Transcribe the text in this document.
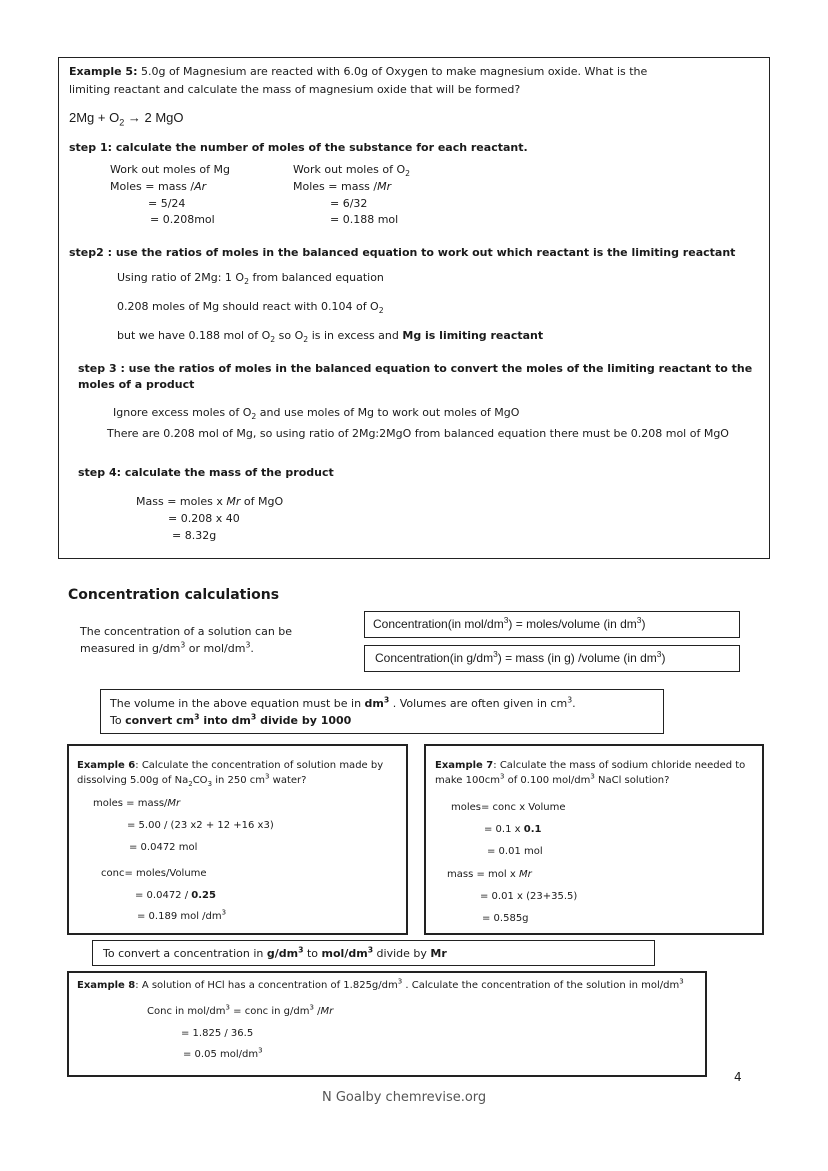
Example 5: 5.0g of Magnesium are reacted with 6.0g of Oxygen to make magnesium oxide. What is the
limiting reactant and calculate the mass of magnesium oxide that will be formed?
$2Mg + O_2 \to 2$ MgO
step 1: calculate the number of moles of the substance for each reactant.
Work out moles of Mg
Moles = mass /Ar
= 5/24
= 0.208mol
Work out moles of $O_2$
Moles = mass /Mr
= 6/32
= 0.188 mol
step2 : use the ratios of moles in the balanced equation to work out which reactant is the limiting reactant
Using ratio of 2Mg: 1 $O_2$ from balanced equation
0.208 moles of Mg should react with 0.104 of $O_2$
but we have 0.188 mol of $O_2$ so $O_2$ is in excess and Mg is limiting reactant
step 3 : use the ratios of moles in the balanced equation to convert the moles of the limiting reactant to the
moles of a product
Ignore excess moles of $O_2$ and use moles of Mg to work out moles of MgO
There are 0.208 mol of Mg, so using ratio of 2Mg:2MgO from balanced equation there must be 0.208 mol of MgO
step 4: calculate the mass of the product
Mass = moles x Mr of MgO
= 0.208 x 40
= 8.32g
Concentration calculations
The concentration of a solution can be
measured in $g/dm^3$ or mol/$dm^3$.
Concentration(in mol/$dm^3$) = moles/volume (in $dm^3$)
Concentration(in $g/dm^3$) = mass (in g) /volume (in $dm^3$)
The volume in the above equation must be in $dm^3$ . Volumes are often given in $cm^3$.
To convert $cm^3$ into $dm^3$ divide by 1000
Example 6: Calculate the concentration of solution made by
dissolving 5.00g of $Na_2CO_3$ in 250 $cm^3$ water?
moles = mass/Mr
= 5.00 / (23 x2 + 12 +16 x3)
= 0.0472 mol
conc= moles/Volume
= 0.0472 / 0.25
= 0.189 mol $/dm^3$
Example 7: Calculate the mass of sodium chloride needed to
make $100cm^3$ of 0.100 mol/$dm^3$ NaCl solution?
moles= conc x Volume
= 0.1 x 0.1
= 0.01 mol
mass = mol x Mr
= 0.01 x (23+35.5)
= 0.585g
To convert a concentration in $g/dm^3$ to mol/$dm^3$ divide by Mr
Example 8: A solution of HCl has a concentration of $1.825g/dm^3$ . Calculate the concentration of the solution in mol/$dm^3$
Conc in mol/$dm^3$ = conc in $g/dm^3$ /Mr
= 1.825 / 36.5
= 0.05 mol/$dm^3$
4
N Goalby chemrevise.org
